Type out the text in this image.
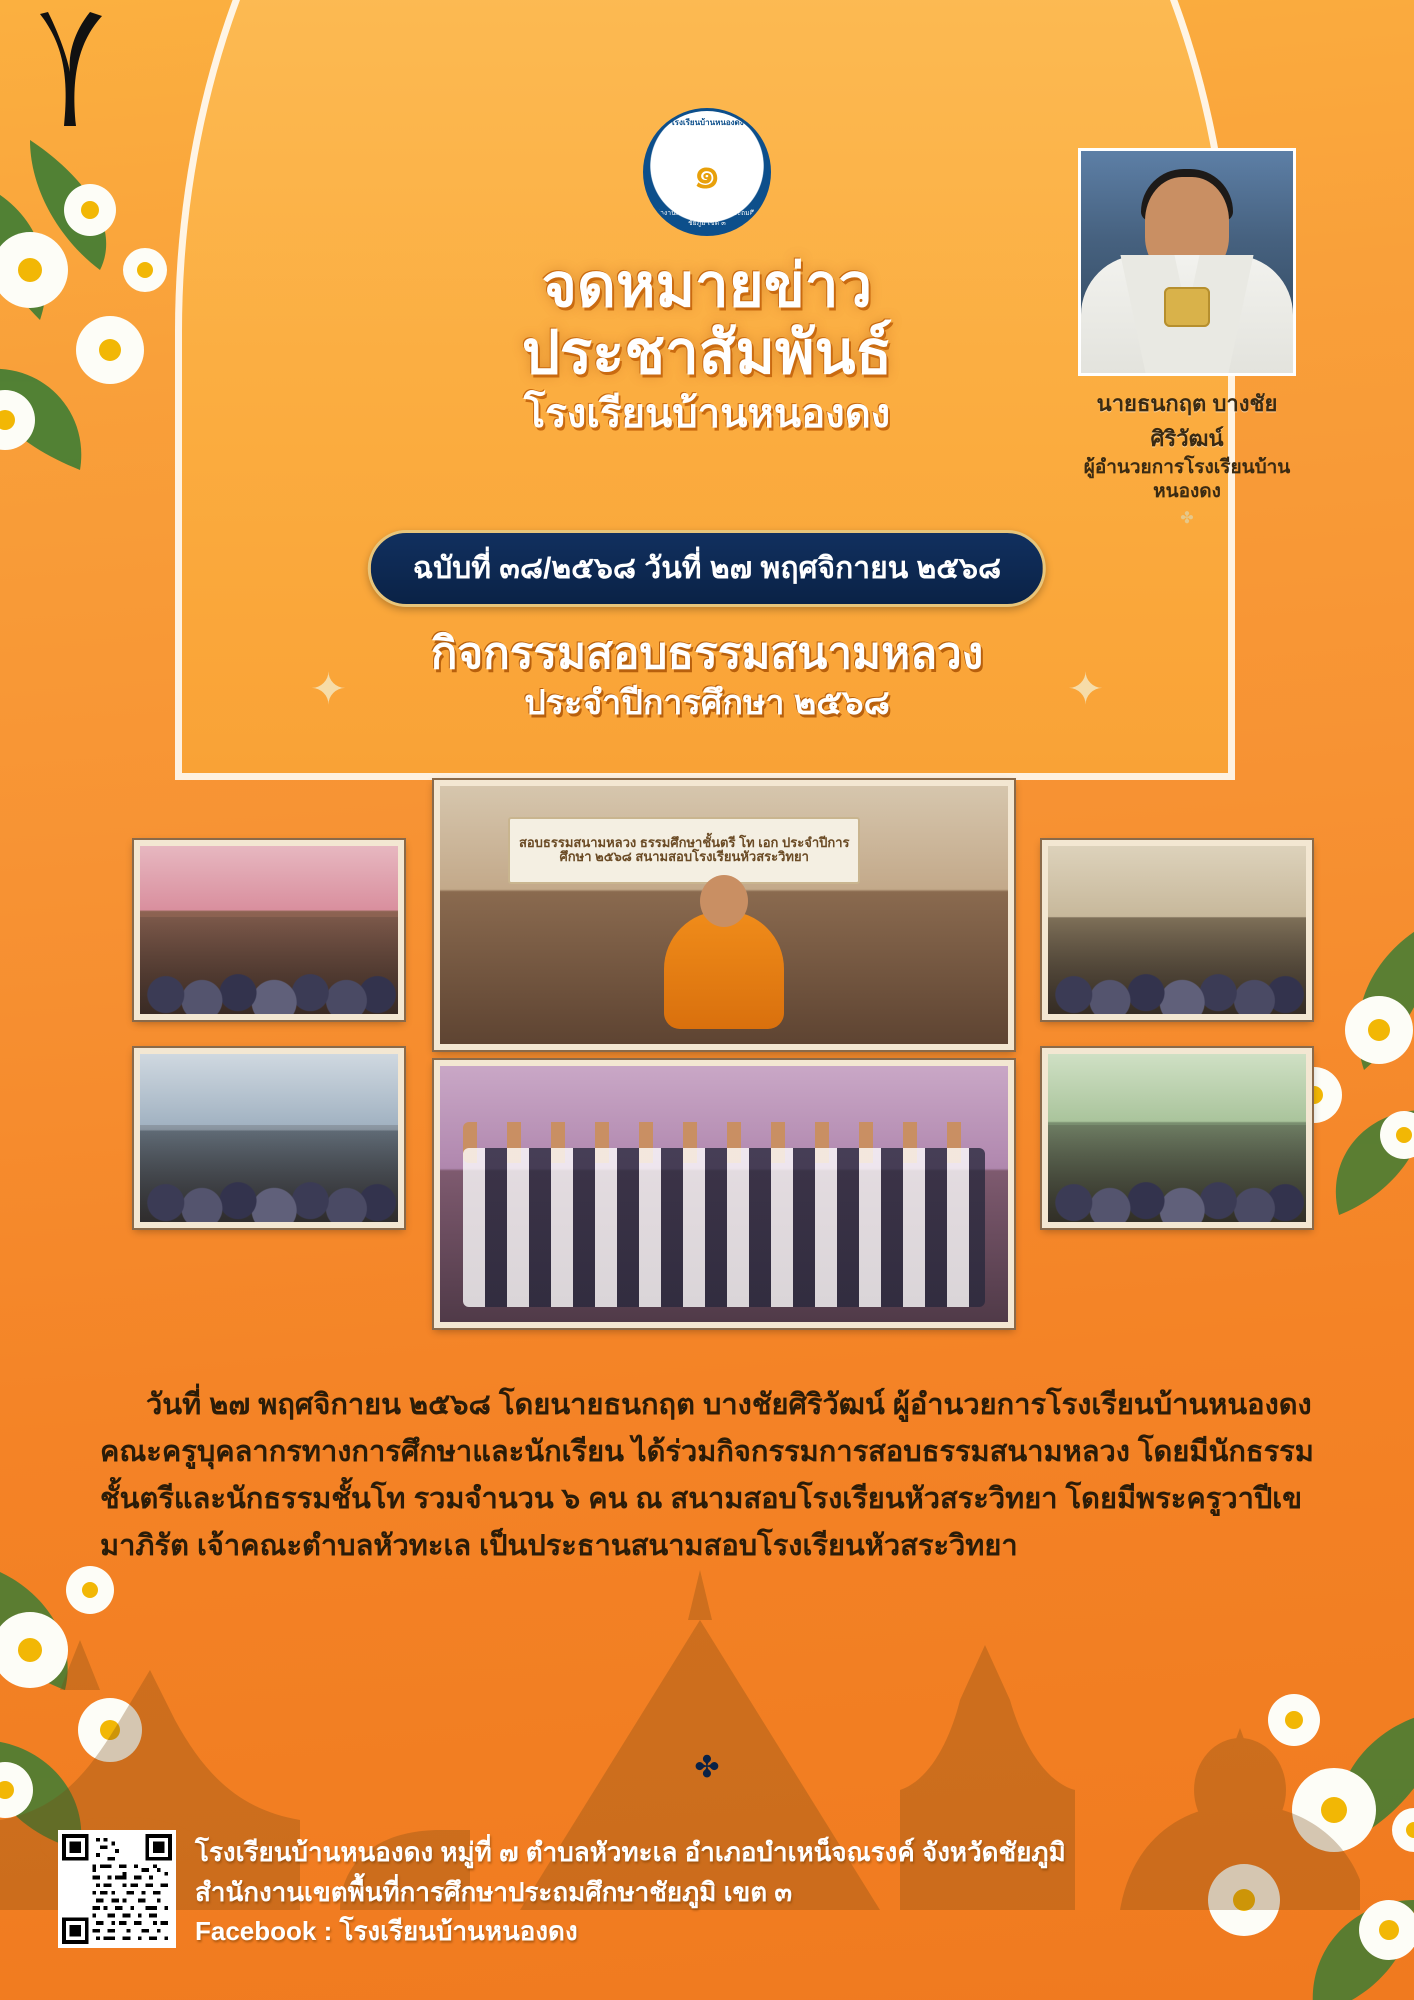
โรงเรียนบ้านหนองดง
๑
สำนักงานเขตพื้นที่การศึกษาประถมศึกษาชัยภูมิ เขต ๓
จดหมายข่าว
ประชาสัมพันธ์
โรงเรียนบ้านหนองดง	นายธนกฤต บางชัยศิริวัฒน์
ผู้อำนวยการโรงเรียนบ้านหนองดง
✤
ฉบับที่ ๓๘/๒๕๖๘ วันที่ ๒๗ พฤศจิกายน ๒๕๖๘
✦	✦
กิจกรรมสอบธรรมสนามหลวง
ประจำปีการศึกษา ๒๕๖๘
สอบธรรมสนามหลวง ธรรมศึกษาชั้นตรี โท เอก ประจำปีการศึกษา ๒๕๖๘ สนามสอบโรงเรียนหัวสระวิทยา

วันที่ ๒๗ พฤศจิกายน ๒๕๖๘ โดยนายธนกฤต บางชัยศิริวัฒน์ ผู้อำนวยการโรงเรียนบ้านหนองดง คณะครูบุคลากรทางการศึกษาและนักเรียน ได้ร่วมกิจกรรมการสอบธรรมสนามหลวง โดยมีนักธรรมชั้นตรีและนักธรรมชั้นโท รวมจำนวน ๖ คน ณ สนามสอบโรงเรียนหัวสระวิทยา โดยมีพระครูวาปีเขมาภิรัต เจ้าคณะตำบลหัวทะเล เป็นประธานสนามสอบโรงเรียนหัวสระวิทยา

✤
โรงเรียนบ้านหนองดง หมู่ที่ ๗ ตำบลหัวทะเล อำเภอบำเหน็จณรงค์ จังหวัดชัยภูมิ
สำนักงานเขตพื้นที่การศึกษาประถมศึกษาชัยภูมิ เขต ๓
Facebook : โรงเรียนบ้านหนองดง
